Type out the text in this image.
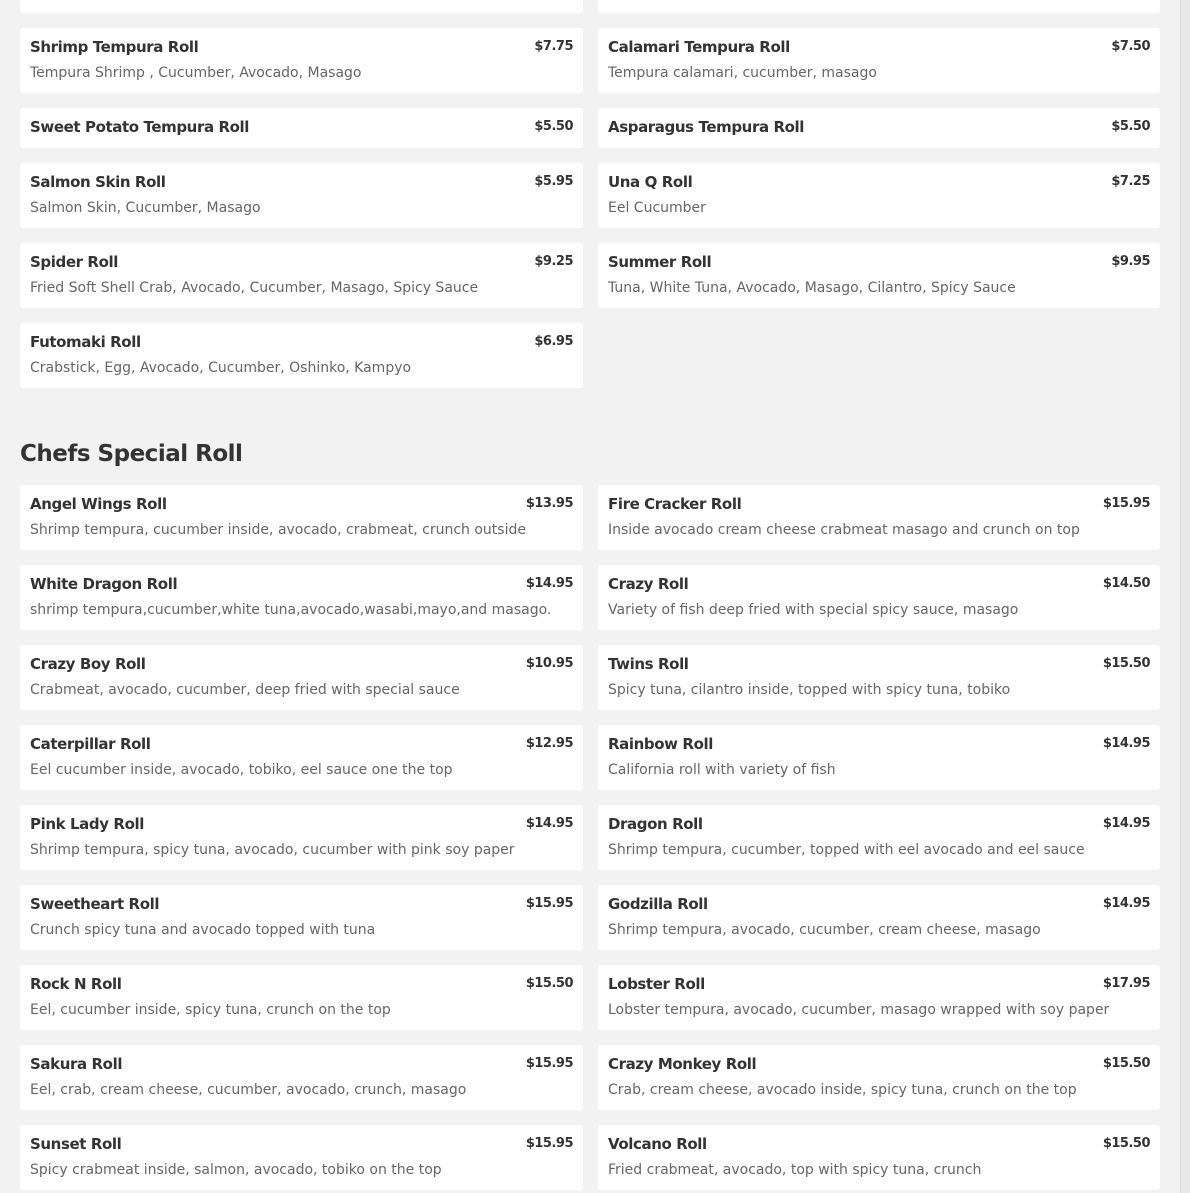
Shrimp Tempura Roll	$7.75
Tempura Shrimp , Cucumber, Avocado, Masago
Calamari Tempura Roll	$7.50
Tempura calamari, cucumber, masago
Sweet Potato Tempura Roll	$5.50 Asparagus Tempura Roll	$5.50
Salmon Skin Roll	$5.95
Salmon Skin, Cucumber, Masago
Una Q Roll	$7.25
Eel Cucumber
Spider Roll	$9.25
Fried Soft Shell Crab, Avocado, Cucumber, Masago, Spicy Sauce
Summer Roll	$9.95
Tuna, White Tuna, Avocado, Masago, Cilantro, Spicy Sauce
Futomaki Roll	$6.95
Crabstick, Egg, Avocado, Cucumber, Oshinko, Kampyo
Chefs Special Roll
Angel Wings Roll	$13.95
Shrimp tempura, cucumber inside, avocado, crabmeat, crunch outside
Fire Cracker Roll	$15.95
Inside avocado cream cheese crabmeat masago and crunch on top
White Dragon Roll	$14.95
shrimp tempura,cucumber,white tuna,avocado,wasabi,mayo,and masago.
Crazy Roll	$14.50
Variety of fish deep fried with special spicy sauce, masago
Crazy Boy Roll	$10.95
Crabmeat, avocado, cucumber, deep fried with special sauce
Twins Roll	$15.50
Spicy tuna, cilantro inside, topped with spicy tuna, tobiko
Caterpillar Roll	$12.95
Eel cucumber inside, avocado, tobiko, eel sauce one the top
Rainbow Roll	$14.95
California roll with variety of fish
Pink Lady Roll	$14.95
Shrimp tempura, spicy tuna, avocado, cucumber with pink soy paper
Dragon Roll	$14.95
Shrimp tempura, cucumber, topped with eel avocado and eel sauce
Sweetheart Roll	$15.95
Crunch spicy tuna and avocado topped with tuna
Godzilla Roll	$14.95
Shrimp tempura, avocado, cucumber, cream cheese, masago
Rock N Roll	$15.50
Eel, cucumber inside, spicy tuna, crunch on the top
Lobster Roll	$17.95
Lobster tempura, avocado, cucumber, masago wrapped with soy paper
Sakura Roll	$15.95
Eel, crab, cream cheese, cucumber, avocado, crunch, masago
Crazy Monkey Roll	$15.50
Crab, cream cheese, avocado inside, spicy tuna, crunch on the top
Sunset Roll	$15.95
Spicy crabmeat inside, salmon, avocado, tobiko on the top
Volcano Roll	$15.50
Fried crabmeat, avocado, top with spicy tuna, crunch
